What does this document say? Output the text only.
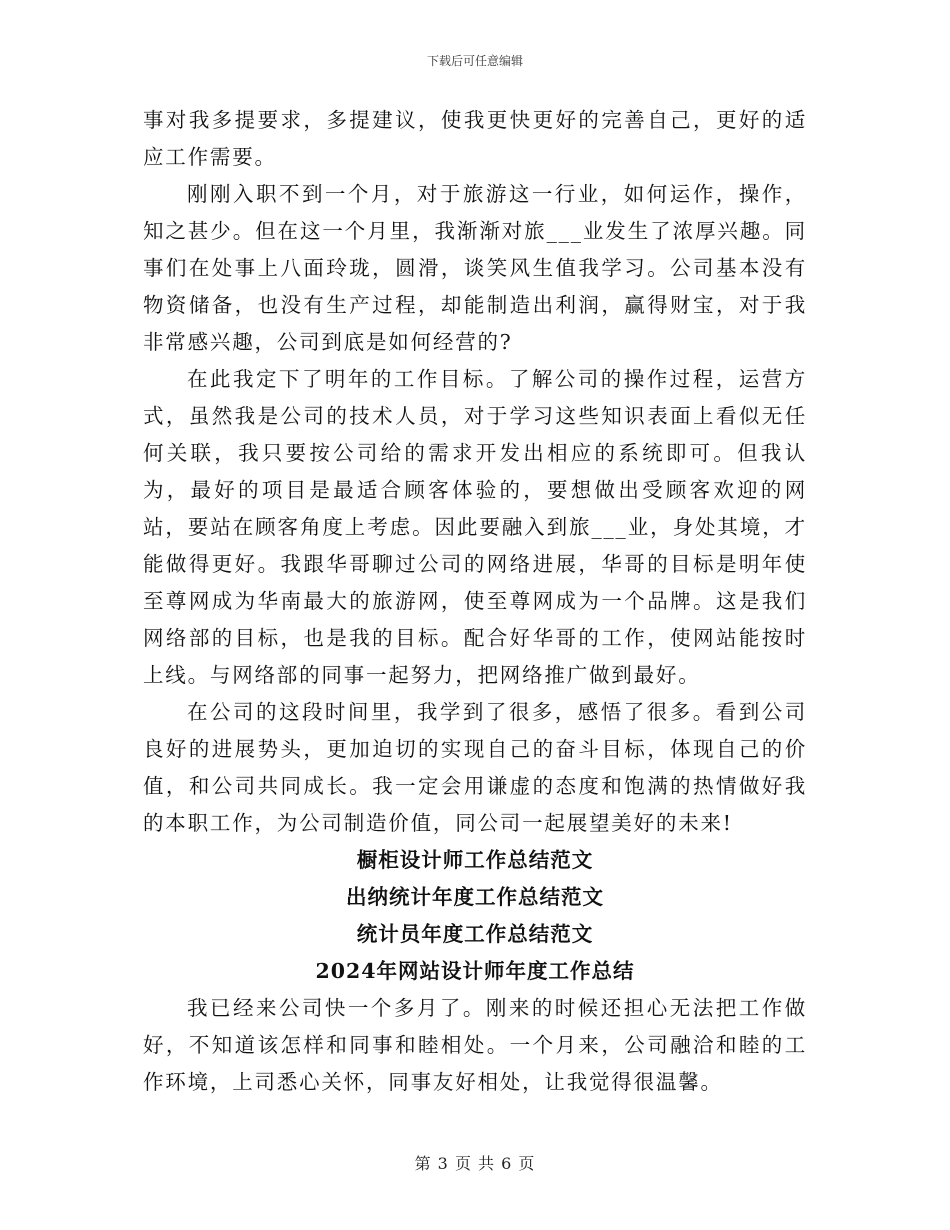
下载后可任意编辑

事对我多提要求，多提建议，使我更快更好的完善自己，更好的适应工作需要。

刚刚入职不到一个月，对于旅游这一行业，如何运作，操作，知之甚少。但在这一个月里，我渐渐对旅___业发生了浓厚兴趣。同事们在处事上八面玲珑，圆滑，谈笑风生值我学习。公司基本没有物资储备，也没有生产过程，却能制造出利润，赢得财宝，对于我非常感兴趣，公司到底是如何经营的?

在此我定下了明年的工作目标。了解公司的操作过程，运营方式，虽然我是公司的技术人员，对于学习这些知识表面上看似无任何关联，我只要按公司给的需求开发出相应的系统即可。但我认为，最好的项目是最适合顾客体验的，要想做出受顾客欢迎的网站，要站在顾客角度上考虑。因此要融入到旅___业，身处其境，才能做得更好。我跟华哥聊过公司的网络进展，华哥的目标是明年使至尊网成为华南最大的旅游网，使至尊网成为一个品牌。这是我们网络部的目标，也是我的目标。配合好华哥的工作，使网站能按时上线。与网络部的同事一起努力，把网络推广做到最好。

在公司的这段时间里，我学到了很多，感悟了很多。看到公司良好的进展势头，更加迫切的实现自己的奋斗目标，体现自己的价值，和公司共同成长。我一定会用谦虚的态度和饱满的热情做好我的本职工作，为公司制造价值，同公司一起展望美好的未来!

橱柜设计师工作总结范文

出纳统计年度工作总结范文

统计员年度工作总结范文

2024年网站设计师年度工作总结

我已经来公司快一个多月了。刚来的时候还担心无法把工作做好，不知道该怎样和同事和睦相处。一个月来，公司融洽和睦的工作环境，上司悉心关怀，同事友好相处，让我觉得很温馨。

第 3 页 共 6 页
